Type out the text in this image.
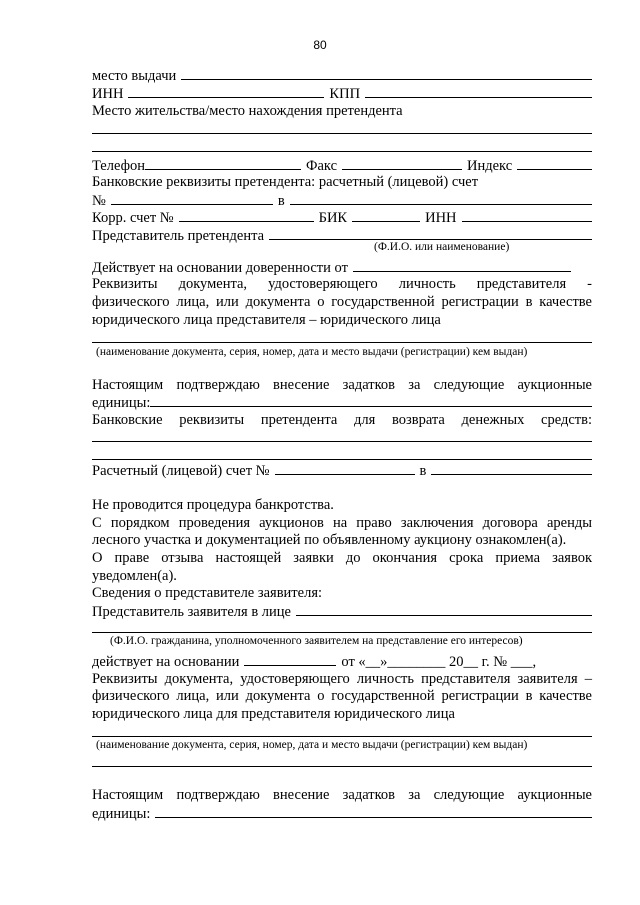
80
место выдачи
ИНН	КПП
Место жительства/место нахождения претендента
Телефон	Факс	Индекс
Банковские реквизиты претендента: расчетный (лицевой) счет
№	в
Корр. счет №	БИК	ИНН
Представитель претендента
(Ф.И.О. или наименование)
Действует на основании доверенности от
Реквизиты документа, удостоверяющего личность представителя -
физического лица, или документа о государственной регистрации в качестве
юридического лица представителя – юридического лица
(наименование документа, серия, номер, дата и место выдачи (регистрации) кем выдан)
Настоящим подтверждаю внесение задатков за следующие аукционные
единицы:
Банковские реквизиты претендента для возврата денежных средств:
Расчетный (лицевой) счет №	в
Не проводится процедура банкротства.
С порядком проведения аукционов на право заключения договора аренды
лесного участка и документацией по объявленному аукциону ознакомлен(а).
О праве отзыва настоящей заявки до окончания срока приема заявок
уведомлен(а).
Сведения о представителе заявителя:
Представитель заявителя в лице
(Ф.И.О. гражданина, уполномоченного заявителем на представление его интересов)
действует на основании	от «__»________ 20__ г. № ___,
Реквизиты документа, удостоверяющего личность представителя заявителя –
физического лица, или документа о государственной регистрации в качестве
юридического лица для представителя юридического лица
(наименование документа, серия, номер, дата и место выдачи (регистрации) кем выдан)
Настоящим подтверждаю внесение задатков за следующие аукционные
единицы:
